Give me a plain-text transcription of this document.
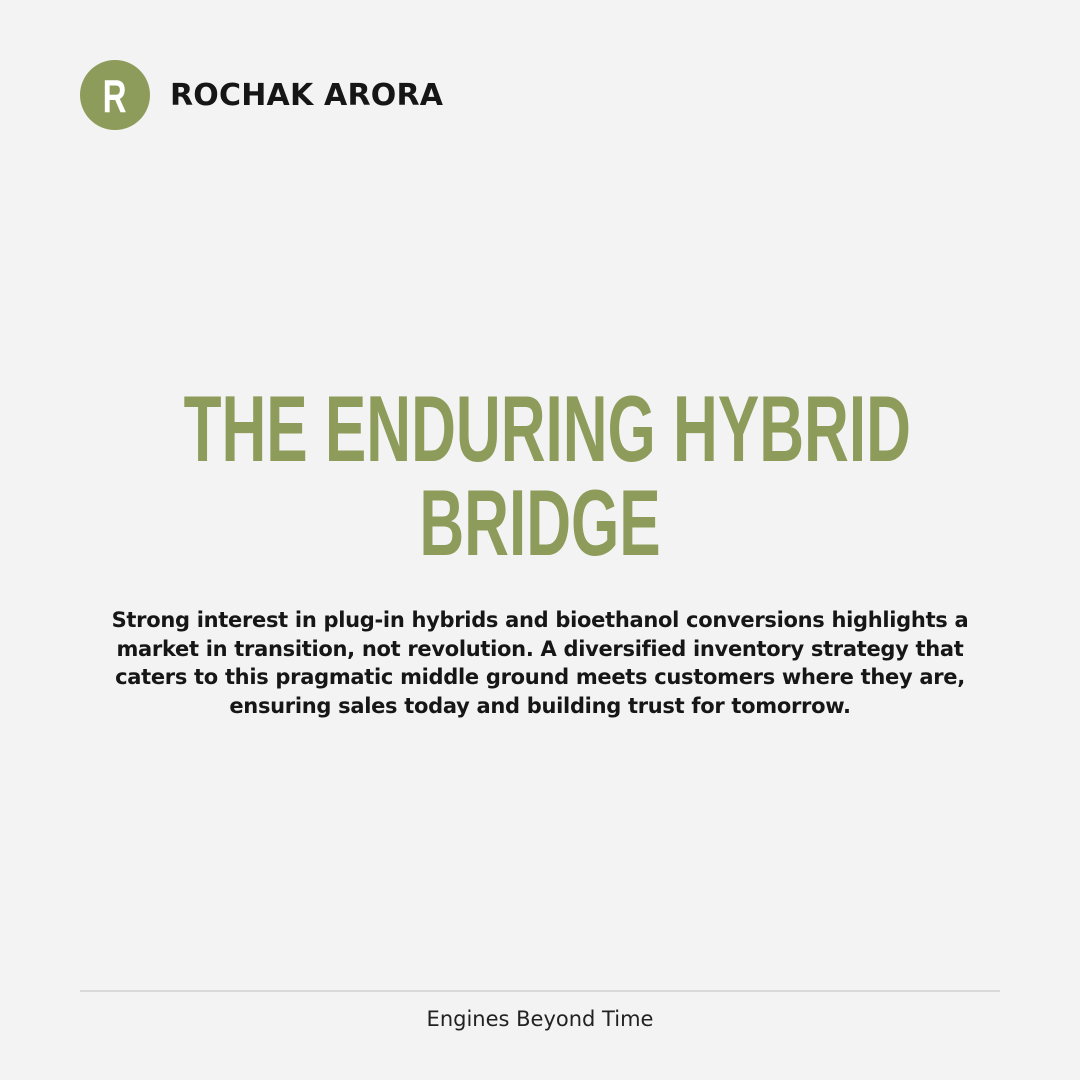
R ROCHAK ARORA
THE ENDURING HYBRID
BRIDGE

Strong interest in plug-in hybrids and bioethanol conversions highlights a market in transition, not revolution. A diversified inventory strategy that caters to this pragmatic middle ground meets customers where they are, ensuring sales today and building trust for tomorrow.

Engines Beyond Time
